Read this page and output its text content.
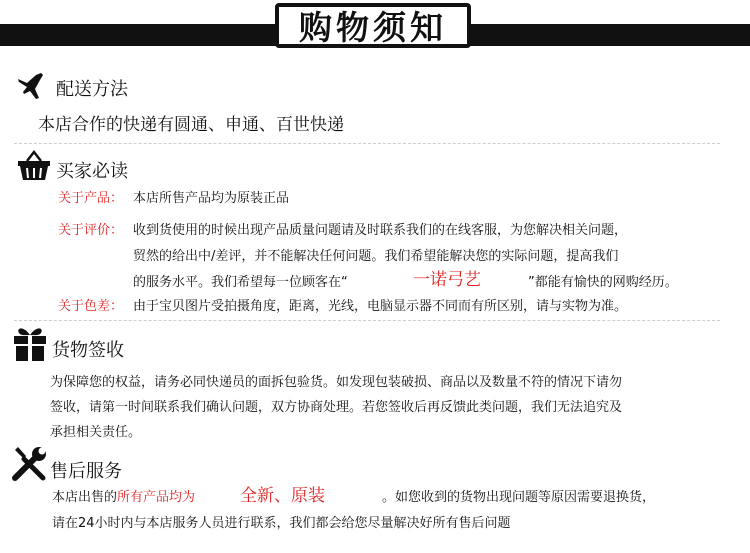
购物须知
配送方法
本店合作的快递有圆通、申通、百世快递
买家必读
关于产品： 本店所售产品均为原装正品
关于评价： 收到货使用的时候出现产品质量问题请及时联系我们的在线客服，为您解决相关问题，
贸然的给出中/差评，并不能解决任何问题。我们希望能解决您的实际问题，提高我们
的服务水平。我们希望每一位顾客在“	一诺弓艺	”都能有愉快的网购经历。
关于色差： 由于宝贝图片受拍摄角度，距离，光线，电脑显示器不同而有所区别，请与实物为准。
货物签收
为保障您的权益，请务必同快递员的面拆包验货。如发现包装破损、商品以及数量不符的情况下请勿
签收，请第一时间联系我们确认问题，双方协商处理。若您签收后再反馈此类问题，我们无法追究及
承担相关责任。
售后服务
本店出售的 所有产品均为	全新、原装	。如您收到的货物出现问题等原因需要退换货，
请在24小时内与本店服务人员进行联系，我们都会给您尽量解决好所有售后问题
